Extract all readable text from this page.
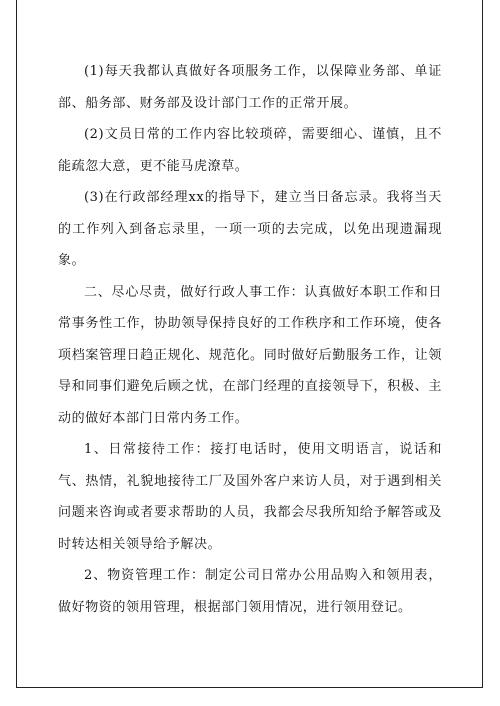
(1)每天我都认真做好各项服务工作，以保障业务部、单证部、船务部、财务部及设计部门工作的正常开展。

(2)文员日常的工作内容比较琐碎，需要细心、谨慎，且不能疏忽大意，更不能马虎潦草。

(3)在行政部经理xx的指导下，建立当日备忘录。我将当天的工作列入到备忘录里，一项一项的去完成，以免出现遗漏现象。

二、尽心尽责，做好行政人事工作：认真做好本职工作和日常事务性工作，协助领导保持良好的工作秩序和工作环境，使各项档案管理日趋正规化、规范化。同时做好后勤服务工作，让领导和同事们避免后顾之忧，在部门经理的直接领导下，积极、主动的做好本部门日常内务工作。

1、日常接待工作：接打电话时，使用文明语言，说话和气、热情，礼貌地接待工厂及国外客户来访人员，对于遇到相关问题来咨询或者要求帮助的人员，我都会尽我所知给予解答或及时转达相关领导给予解决。

2、物资管理工作：制定公司日常办公用品购入和领用表，做好物资的领用管理，根据部门领用情况，进行领用登记。
